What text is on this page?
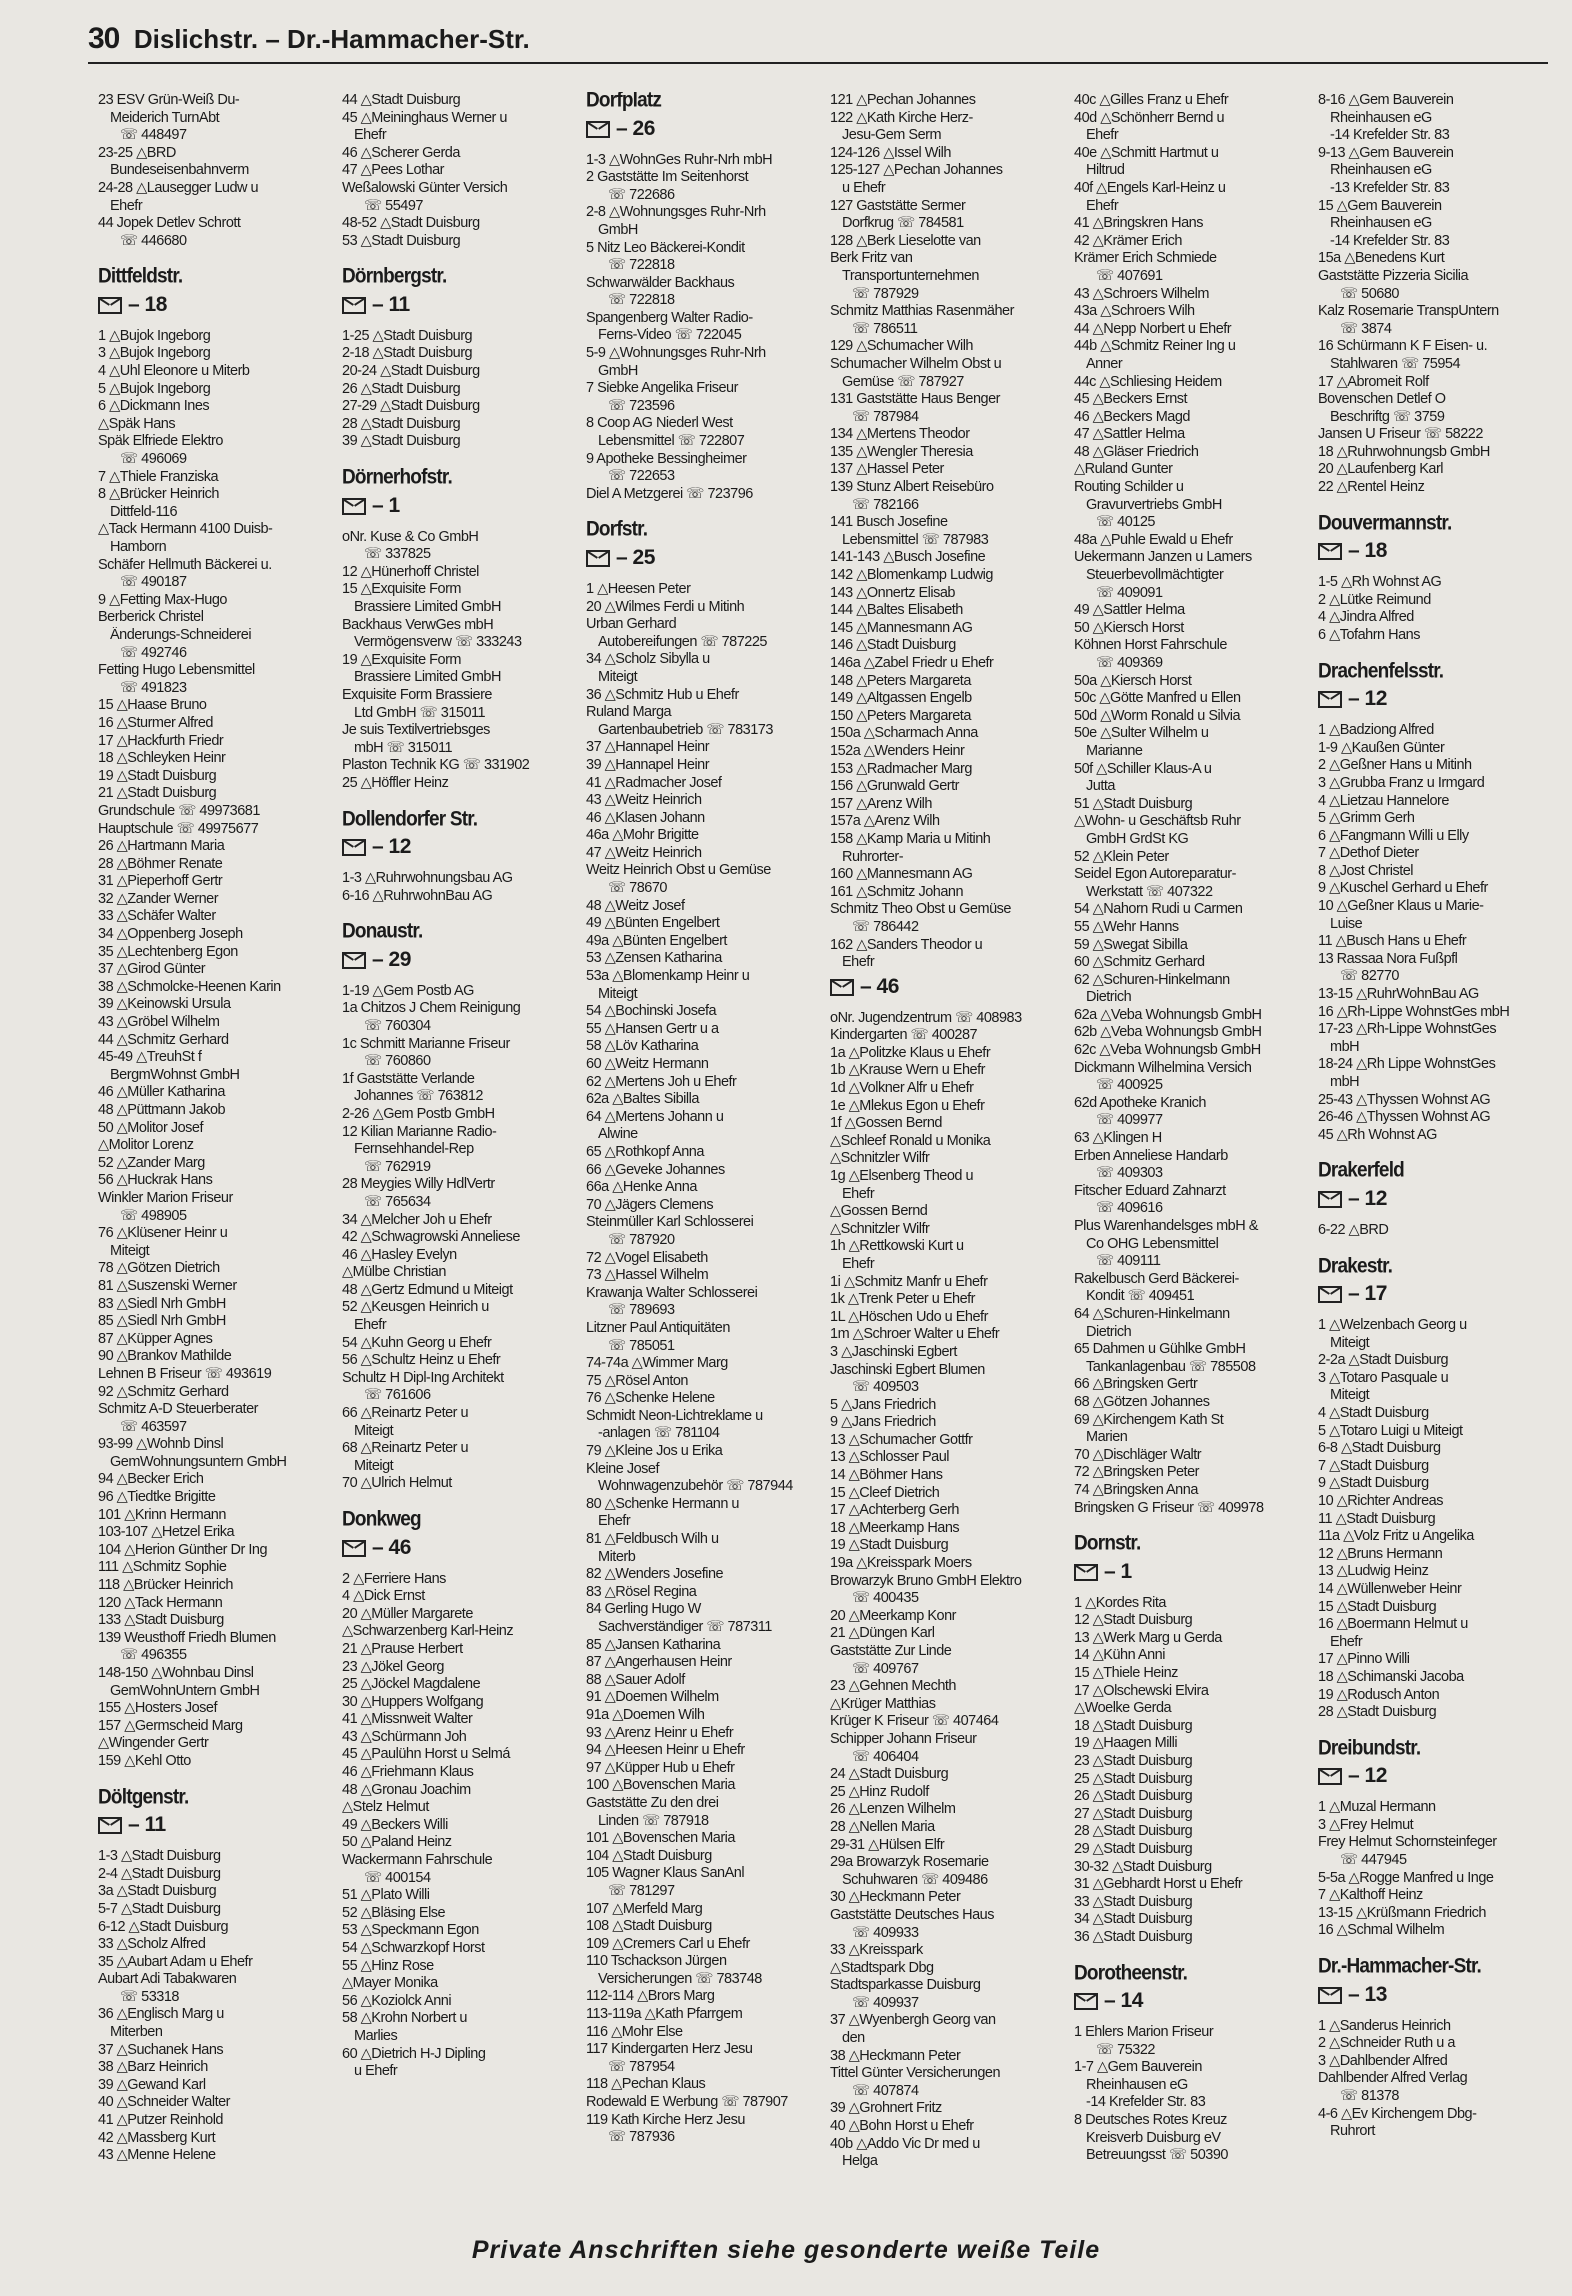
30 Dislichstr. – Dr.-Hammacher-Str.
23 ESV Grün-Weiß Du-
Meiderich TurnAbt
☏ 448497
23-25 △BRD
Bundeseisenbahnverm
24-28 △Lausegger Ludw u
Ehefr
44 Jopek Detlev Schrott
☏ 446680
Dittfeldstr.
– 18
1 △Bujok Ingeborg
3 △Bujok Ingeborg
4 △Uhl Eleonore u Miterb
5 △Bujok Ingeborg
6 △Dickmann Ines
△Späk Hans
Späk Elfriede Elektro
☏ 496069
7 △Thiele Franziska
8 △Brücker Heinrich
Dittfeld-116
△Tack Hermann 4100 Duisb-
Hamborn
Schäfer Hellmuth Bäckerei u.
☏ 490187
9 △Fetting Max-Hugo
Berberick Christel
Änderungs-Schneiderei
☏ 492746
Fetting Hugo Lebensmittel
☏ 491823
15 △Haase Bruno
16 △Sturmer Alfred
17 △Hackfurth Friedr
18 △Schleyken Heinr
19 △Stadt Duisburg
21 △Stadt Duisburg
Grundschule ☏ 49973681
Hauptschule ☏ 49975677
26 △Hartmann Maria
28 △Böhmer Renate
31 △Pieperhoff Gertr
32 △Zander Werner
33 △Schäfer Walter
34 △Oppenberg Joseph
35 △Lechtenberg Egon
37 △Girod Günter
38 △Schmolcke-Heenen Karin
39 △Keinowski Ursula
43 △Gröbel Wilhelm
44 △Schmitz Gerhard
45-49 △TreuhSt f
BergmWohnst GmbH
46 △Müller Katharina
48 △Püttmann Jakob
50 △Molitor Josef
△Molitor Lorenz
52 △Zander Marg
56 △Huckrak Hans
Winkler Marion Friseur
☏ 498905
76 △Klüsener Heinr u
Miteigt
78 △Götzen Dietrich
81 △Suszenski Werner
83 △Siedl Nrh GmbH
85 △Siedl Nrh GmbH
87 △Küpper Agnes
90 △Brankov Mathilde
Lehnen B Friseur ☏ 493619
92 △Schmitz Gerhard
Schmitz A-D Steuerberater
☏ 463597
93-99 △Wohnb Dinsl
GemWohnungsuntern GmbH
94 △Becker Erich
96 △Tiedtke Brigitte
101 △Krinn Hermann
103-107 △Hetzel Erika
104 △Herion Günther Dr Ing
111 △Schmitz Sophie
118 △Brücker Heinrich
120 △Tack Hermann
133 △Stadt Duisburg
139 Weusthoff Friedh Blumen
☏ 496355
148-150 △Wohnbau Dinsl
GemWohnUntern GmbH
155 △Hosters Josef
157 △Germscheid Marg
△Wingender Gertr
159 △Kehl Otto
Döltgenstr.
– 11
1-3 △Stadt Duisburg
2-4 △Stadt Duisburg
3a △Stadt Duisburg
5-7 △Stadt Duisburg
6-12 △Stadt Duisburg
33 △Scholz Alfred
35 △Aubart Adam u Ehefr
Aubart Adi Tabakwaren
☏ 53318
36 △Englisch Marg u
Miterben
37 △Suchanek Hans
38 △Barz Heinrich
39 △Gewand Karl
40 △Schneider Walter
41 △Putzer Reinhold
42 △Massberg Kurt
43 △Menne Helene
44 △Stadt Duisburg
45 △Meininghaus Werner u
Ehefr
46 △Scherer Gerda
47 △Pees Lothar
Weßalowski Günter Versich
☏ 55497
48-52 △Stadt Duisburg
53 △Stadt Duisburg
Dörnbergstr.
– 11
1-25 △Stadt Duisburg
2-18 △Stadt Duisburg
20-24 △Stadt Duisburg
26 △Stadt Duisburg
27-29 △Stadt Duisburg
28 △Stadt Duisburg
39 △Stadt Duisburg
Dörnerhofstr.
– 1
oNr. Kuse & Co GmbH
☏ 337825
12 △Hünerhoff Christel
15 △Exquisite Form
Brassiere Limited GmbH
Backhaus VerwGes mbH
Vermögensverw ☏ 333243
19 △Exquisite Form
Brassiere Limited GmbH
Exquisite Form Brassiere
Ltd GmbH ☏ 315011
Je suis Textilvertriebsges
mbH ☏ 315011
Plaston Technik KG ☏ 331902
25 △Höffler Heinz
Dollendorfer Str.
– 12
1-3 △Ruhrwohnungsbau AG
6-16 △RuhrwohnBau AG
Donaustr.
– 29
1-19 △Gem Postb AG
1a Chitzos J Chem Reinigung
☏ 760304
1c Schmitt Marianne Friseur
☏ 760860
1f Gaststätte Verlande
Johannes ☏ 763812
2-26 △Gem Postb GmbH
12 Kilian Marianne Radio-
Fernsehhandel-Rep
☏ 762919
28 Meygies Willy HdlVertr
☏ 765634
34 △Melcher Joh u Ehefr
42 △Schwagrowski Anneliese
46 △Hasley Evelyn
△Mülbe Christian
48 △Gertz Edmund u Miteigt
52 △Keusgen Heinrich u
Ehefr
54 △Kuhn Georg u Ehefr
56 △Schultz Heinz u Ehefr
Schultz H Dipl-Ing Architekt
☏ 761606
66 △Reinartz Peter u
Miteigt
68 △Reinartz Peter u
Miteigt
70 △Ulrich Helmut
Donkweg
– 46
2 △Ferriere Hans
4 △Dick Ernst
20 △Müller Margarete
△Schwarzenberg Karl-Heinz
21 △Prause Herbert
23 △Jökel Georg
25 △Jöckel Magdalene
30 △Huppers Wolfgang
41 △Missnweit Walter
43 △Schürmann Joh
45 △Paulühn Horst u Selmá
46 △Friehmann Klaus
48 △Gronau Joachim
△Stelz Helmut
49 △Beckers Willi
50 △Paland Heinz
Wackermann Fahrschule
☏ 400154
51 △Plato Willi
52 △Bläsing Else
53 △Speckmann Egon
54 △Schwarzkopf Horst
55 △Hinz Rose
△Mayer Monika
56 △Koziolck Anni
58 △Krohn Norbert u
Marlies
60 △Dietrich H-J Dipling
u Ehefr
Dorfplatz
– 26
1-3 △WohnGes Ruhr-Nrh mbH
2 Gaststätte Im Seitenhorst
☏ 722686
2-8 △Wohnungsges Ruhr-Nrh
GmbH
5 Nitz Leo Bäckerei-Kondit
☏ 722818
Schwarwälder Backhaus
☏ 722818
Spangenberg Walter Radio-
Ferns-Video ☏ 722045
5-9 △Wohnungsges Ruhr-Nrh
GmbH
7 Siebke Angelika Friseur
☏ 723596
8 Coop AG Niederl West
Lebensmittel ☏ 722807
9 Apotheke Bessingheimer
☏ 722653
Diel A Metzgerei ☏ 723796
Dorfstr.
– 25
1 △Heesen Peter
20 △Wilmes Ferdi u Mitinh
Urban Gerhard
Autobereifungen ☏ 787225
34 △Scholz Sibylla u
Miteigt
36 △Schmitz Hub u Ehefr
Ruland Marga
Gartenbaubetrieb ☏ 783173
37 △Hannapel Heinr
39 △Hannapel Heinr
41 △Radmacher Josef
43 △Weitz Heinrich
46 △Klasen Johann
46a △Mohr Brigitte
47 △Weitz Heinrich
Weitz Heinrich Obst u Gemüse
☏ 78670
48 △Weitz Josef
49 △Bünten Engelbert
49a △Bünten Engelbert
53 △Zensen Katharina
53a △Blomenkamp Heinr u
Miteigt
54 △Bochinski Josefa
55 △Hansen Gertr u a
58 △Löv Katharina
60 △Weitz Hermann
62 △Mertens Joh u Ehefr
62a △Baltes Sibilla
64 △Mertens Johann u
Alwine
65 △Rothkopf Anna
66 △Geveke Johannes
66a △Henke Anna
70 △Jägers Clemens
Steinmüller Karl Schlosserei
☏ 787920
72 △Vogel Elisabeth
73 △Hassel Wilhelm
Krawanja Walter Schlosserei
☏ 789693
Litzner Paul Antiquitäten
☏ 785051
74-74a △Wimmer Marg
75 △Rösel Anton
76 △Schenke Helene
Schmidt Neon-Lichtreklame u
-anlagen ☏ 781104
79 △Kleine Jos u Erika
Kleine Josef
Wohnwagenzubehör ☏ 787944
80 △Schenke Hermann u
Ehefr
81 △Feldbusch Wilh u
Miterb
82 △Wenders Josefine
83 △Rösel Regina
84 Gerling Hugo W
Sachverständiger ☏ 787311
85 △Jansen Katharina
87 △Angerhausen Heinr
88 △Sauer Adolf
91 △Doemen Wilhelm
91a △Doemen Wilh
93 △Arenz Heinr u Ehefr
94 △Heesen Heinr u Ehefr
97 △Küpper Hub u Ehefr
100 △Bovenschen Maria
Gaststätte Zu den drei
Linden ☏ 787918
101 △Bovenschen Maria
104 △Stadt Duisburg
105 Wagner Klaus SanAnl
☏ 781297
107 △Merfeld Marg
108 △Stadt Duisburg
109 △Cremers Carl u Ehefr
110 Tschackson Jürgen
Versicherungen ☏ 783748
112-114 △Brors Marg
113-119a △Kath Pfarrgem
116 △Mohr Else
117 Kindergarten Herz Jesu
☏ 787954
118 △Pechan Klaus
Rodewald E Werbung ☏ 787907
119 Kath Kirche Herz Jesu
☏ 787936
121 △Pechan Johannes
122 △Kath Kirche Herz-
Jesu-Gem Serm
124-126 △Issel Wilh
125-127 △Pechan Johannes
u Ehefr
127 Gaststätte Sermer
Dorfkrug ☏ 784581
128 △Berk Lieselotte van
Berk Fritz van
Transportunternehmen
☏ 787929
Schmitz Matthias Rasenmäher
☏ 786511
129 △Schumacher Wilh
Schumacher Wilhelm Obst u
Gemüse ☏ 787927
131 Gaststätte Haus Benger
☏ 787984
134 △Mertens Theodor
135 △Wengler Theresia
137 △Hassel Peter
139 Stunz Albert Reisebüro
☏ 782166
141 Busch Josefine
Lebensmittel ☏ 787983
141-143 △Busch Josefine
142 △Blomenkamp Ludwig
143 △Onnertz Elisab
144 △Baltes Elisabeth
145 △Mannesmann AG
146 △Stadt Duisburg
146a △Zabel Friedr u Ehefr
148 △Peters Margareta
149 △Altgassen Engelb
150 △Peters Margareta
150a △Scharmach Anna
152a △Wenders Heinr
153 △Radmacher Marg
156 △Grunwald Gertr
157 △Arenz Wilh
157a △Arenz Wilh
158 △Kamp Maria u Mitinh
Ruhrorter-
160 △Mannesmann AG
161 △Schmitz Johann
Schmitz Theo Obst u Gemüse
☏ 786442
162 △Sanders Theodor u
Ehefr
– 46
oNr. Jugendzentrum ☏ 408983
Kindergarten ☏ 400287
1a △Politzke Klaus u Ehefr
1b △Krause Wern u Ehefr
1d △Volkner Alfr u Ehefr
1e △Mlekus Egon u Ehefr
1f △Gossen Bernd
△Schleef Ronald u Monika
△Schnitzler Wilfr
1g △Elsenberg Theod u
Ehefr
△Gossen Bernd
△Schnitzler Wilfr
1h △Rettkowski Kurt u
Ehefr
1i △Schmitz Manfr u Ehefr
1k △Trenk Peter u Ehefr
1L △Höschen Udo u Ehefr
1m △Schroer Walter u Ehefr
3 △Jaschinski Egbert
Jaschinski Egbert Blumen
☏ 409503
5 △Jans Friedrich
9 △Jans Friedrich
13 △Schumacher Gottfr
13 △Schlosser Paul
14 △Böhmer Hans
15 △Cleef Dietrich
17 △Achterberg Gerh
18 △Meerkamp Hans
19 △Stadt Duisburg
19a △Kreisspark Moers
Browarzyk Bruno GmbH Elektro
☏ 400435
20 △Meerkamp Konr
21 △Düngen Karl
Gaststätte Zur Linde
☏ 409767
23 △Gehnen Mechth
△Krüger Matthias
Krüger K Friseur ☏ 407464
Schipper Johann Friseur
☏ 406404
24 △Stadt Duisburg
25 △Hinz Rudolf
26 △Lenzen Wilhelm
28 △Nellen Maria
29-31 △Hülsen Elfr
29a Browarzyk Rosemarie
Schuhwaren ☏ 409486
30 △Heckmann Peter
Gaststätte Deutsches Haus
☏ 409933
33 △Kreisspark
△Stadtspark Dbg
Stadtsparkasse Duisburg
☏ 409937
37 △Wyenbergh Georg van
den
38 △Heckmann Peter
Tittel Günter Versicherungen
☏ 407874
39 △Grohnert Fritz
40 △Bohn Horst u Ehefr
40b △Addo Vic Dr med u
Helga
40c △Gilles Franz u Ehefr
40d △Schönherr Bernd u
Ehefr
40e △Schmitt Hartmut u
Hiltrud
40f △Engels Karl-Heinz u
Ehefr
41 △Bringskren Hans
42 △Krämer Erich
Krämer Erich Schmiede
☏ 407691
43 △Schroers Wilhelm
43a △Schroers Wilh
44 △Nepp Norbert u Ehefr
44b △Schmitz Reiner Ing u
Anner
44c △Schliesing Heidem
45 △Beckers Ernst
46 △Beckers Magd
47 △Sattler Helma
48 △Gläser Friedrich
△Ruland Gunter
Routing Schilder u
Gravurvertriebs GmbH
☏ 40125
48a △Puhle Ewald u Ehefr
Uekermann Janzen u Lamers
Steuerbevollmächtigter
☏ 409091
49 △Sattler Helma
50 △Kiersch Horst
Köhnen Horst Fahrschule
☏ 409369
50a △Kiersch Horst
50c △Götte Manfred u Ellen
50d △Worm Ronald u Silvia
50e △Sulter Wilhelm u
Marianne
50f △Schiller Klaus-A u
Jutta
51 △Stadt Duisburg
△Wohn- u Geschäftsb Ruhr
GmbH GrdSt KG
52 △Klein Peter
Seidel Egon Autoreparatur-
Werkstatt ☏ 407322
54 △Nahorn Rudi u Carmen
55 △Wehr Hanns
59 △Swegat Sibilla
60 △Schmitz Gerhard
62 △Schuren-Hinkelmann
Dietrich
62a △Veba Wohnungsb GmbH
62b △Veba Wohnungsb GmbH
62c △Veba Wohnungsb GmbH
Dickmann Wilhelmina Versich
☏ 400925
62d Apotheke Kranich
☏ 409977
63 △Klingen H
Erben Anneliese Handarb
☏ 409303
Fitscher Eduard Zahnarzt
☏ 409616
Plus Warenhandelsges mbH &
Co OHG Lebensmittel
☏ 409111
Rakelbusch Gerd Bäckerei-
Kondit ☏ 409451
64 △Schuren-Hinkelmann
Dietrich
65 Dahmen u Gühlke GmbH
Tankanlagenbau ☏ 785508
66 △Bringsken Gertr
68 △Götzen Johannes
69 △Kirchengem Kath St
Marien
70 △Dischläger Waltr
72 △Bringsken Peter
74 △Bringsken Anna
Bringsken G Friseur ☏ 409978
Dornstr.
– 1
1 △Kordes Rita
12 △Stadt Duisburg
13 △Werk Marg u Gerda
14 △Kühn Anni
15 △Thiele Heinz
17 △Olschewski Elvira
△Woelke Gerda
18 △Stadt Duisburg
19 △Haagen Milli
23 △Stadt Duisburg
25 △Stadt Duisburg
26 △Stadt Duisburg
27 △Stadt Duisburg
28 △Stadt Duisburg
29 △Stadt Duisburg
30-32 △Stadt Duisburg
31 △Gebhardt Horst u Ehefr
33 △Stadt Duisburg
34 △Stadt Duisburg
36 △Stadt Duisburg
Dorotheenstr.
– 14
1 Ehlers Marion Friseur
☏ 75322
1-7 △Gem Bauverein
Rheinhausen eG
-14 Krefelder Str. 83
8 Deutsches Rotes Kreuz
Kreisverb Duisburg eV
Betreuungsst ☏ 50390
8-16 △Gem Bauverein
Rheinhausen eG
-14 Krefelder Str. 83
9-13 △Gem Bauverein
Rheinhausen eG
-13 Krefelder Str. 83
15 △Gem Bauverein
Rheinhausen eG
-14 Krefelder Str. 83
15a △Benedens Kurt
Gaststätte Pizzeria Sicilia
☏ 50680
Kalz Rosemarie TranspUntern
☏ 3874
16 Schürmann K F Eisen- u.
Stahlwaren ☏ 75954
17 △Abromeit Rolf
Bovenschen Detlef O
Beschriftg ☏ 3759
Jansen U Friseur ☏ 58222
18 △Ruhrwohnungsb GmbH
20 △Laufenberg Karl
22 △Rentel Heinz
Douvermannstr.
– 18
1-5 △Rh Wohnst AG
2 △Lütke Reimund
4 △Jindra Alfred
6 △Tofahrn Hans
Drachenfelsstr.
– 12
1 △Badziong Alfred
1-9 △Kaußen Günter
2 △Geßner Hans u Mitinh
3 △Grubba Franz u Irmgard
4 △Lietzau Hannelore
5 △Grimm Gerh
6 △Fangmann Willi u Elly
7 △Dethof Dieter
8 △Jost Christel
9 △Kuschel Gerhard u Ehefr
10 △Geßner Klaus u Marie-
Luise
11 △Busch Hans u Ehefr
13 Rassaa Nora Fußpfl
☏ 82770
13-15 △RuhrWohnBau AG
16 △Rh-Lippe WohnstGes mbH
17-23 △Rh-Lippe WohnstGes
mbH
18-24 △Rh Lippe WohnstGes
mbH
25-43 △Thyssen Wohnst AG
26-46 △Thyssen Wohnst AG
45 △Rh Wohnst AG
Drakerfeld
– 12
6-22 △BRD
Drakestr.
– 17
1 △Welzenbach Georg u
Miteigt
2-2a △Stadt Duisburg
3 △Totaro Pasquale u
Miteigt
4 △Stadt Duisburg
5 △Totaro Luigi u Miteigt
6-8 △Stadt Duisburg
7 △Stadt Duisburg
9 △Stadt Duisburg
10 △Richter Andreas
11 △Stadt Duisburg
11a △Volz Fritz u Angelika
12 △Bruns Hermann
13 △Ludwig Heinz
14 △Wüllenweber Heinr
15 △Stadt Duisburg
16 △Boermann Helmut u
Ehefr
17 △Pinno Willi
18 △Schimanski Jacoba
19 △Rodusch Anton
28 △Stadt Duisburg
Dreibundstr.
– 12
1 △Muzal Hermann
3 △Frey Helmut
Frey Helmut Schornsteinfeger
☏ 447945
5-5a △Rogge Manfred u Inge
7 △Kalthoff Heinz
13-15 △Krüßmann Friedrich
16 △Schmal Wilhelm
Dr.-Hammacher-Str.
– 13
1 △Sanderus Heinrich
2 △Schneider Ruth u a
3 △Dahlbender Alfred
Dahlbender Alfred Verlag
☏ 81378
4-6 △Ev Kirchengem Dbg-
Ruhrort
Private Anschriften siehe gesonderte weiße Teile
